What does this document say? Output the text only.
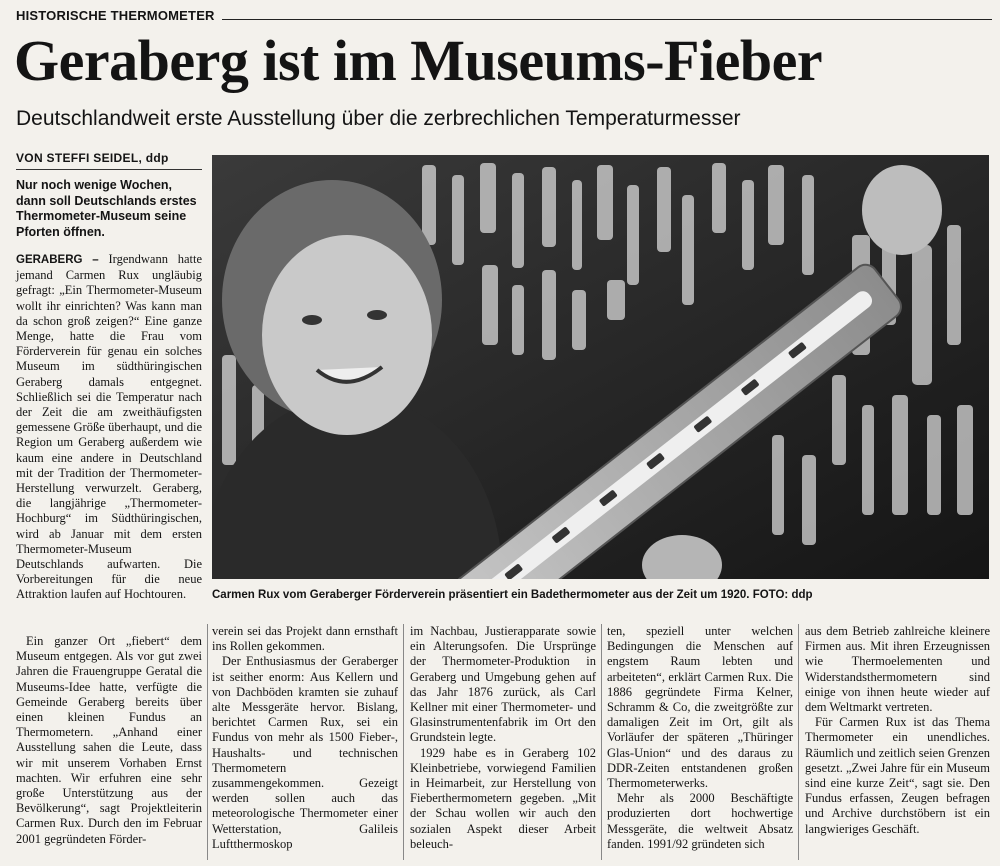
HISTORISCHE THERMOMETER
Geraberg ist im Museums-Fieber
Deutschlandweit erste Ausstellung über die zerbrechlichen Temperaturmesser
VON STEFFI SEIDEL, ddp
Nur noch wenige Wochen, dann soll Deutschlands erstes Thermometer-Museum seine Pforten öffnen.

GERABERG – Irgendwann hatte jemand Carmen Rux ungläubig gefragt: „Ein Thermometer-Museum wollt ihr einrichten? Was kann man da schon groß zeigen?“ Eine ganze Menge, hatte die Frau vom Förderverein für genau ein solches Museum im südthüringischen Geraberg damals entgegnet. Schließlich sei die Temperatur nach der Zeit die am zweithäufigsten gemessene Größe überhaupt, und die Region um Geraberg außerdem wie kaum eine andere in Deutschland mit der Tradition der Thermometer-Herstellung verwurzelt. Geraberg, die langjährige „Thermometer-Hochburg“ im Südthüringischen, wird ab Januar mit dem ersten Thermometer-Museum Deutschlands aufwarten. Die Vorbereitungen für die neue Attraktion laufen auf Hochtouren.	Carmen Rux vom Geraberger Förderverein präsentiert ein Badethermometer aus der Zeit um 1920. FOTO: ddp

Ein ganzer Ort „fiebert“ dem Museum entgegen. Als vor gut zwei Jahren die Frauengruppe Geratal die Museums-Idee hatte, verfügte die Gemeinde Geraberg bereits über einen kleinen Fundus an Thermometern. „Anhand einer Ausstellung sahen die Leute, dass wir mit unserem Vorhaben Ernst machten. Wir erfuhren eine sehr große Unterstützung aus der Bevölkerung“, sagt Projektleiterin Carmen Rux. Durch den im Februar 2001 gegründeten Förder-

verein sei das Projekt dann ernsthaft ins Rollen gekommen.

Der Enthusiasmus der Geraberger ist seither enorm: Aus Kellern und von Dachböden kramten sie zuhauf alte Messgeräte hervor. Bislang, berichtet Carmen Rux, sei ein Fundus von mehr als 1500 Fieber-, Haushalts- und technischen Thermometern zusammengekommen. Gezeigt werden sollen auch das meteorologische Thermometer einer Wetterstation, Galileis Luftthermoskop

im Nachbau, Justierapparate sowie ein Alterungsofen. Die Ursprünge der Thermometer-Produktion in Geraberg und Umgebung gehen auf das Jahr 1876 zurück, als Carl Kellner mit einer Thermometer- und Glasinstrumentenfabrik im Ort den Grundstein legte.

1929 habe es in Geraberg 102 Kleinbetriebe, vorwiegend Familien in Heimarbeit, zur Herstellung von Fieberthermometern gegeben. „Mit der Schau wollen wir auch den sozialen Aspekt dieser Arbeit beleuch-

ten, speziell unter welchen Bedingungen die Menschen auf engstem Raum lebten und arbeiteten“, erklärt Carmen Rux. Die 1886 gegründete Firma Kelner, Schramm & Co, die zweitgrößte zur damaligen Zeit im Ort, gilt als Vorläufer der späteren „Thüringer Glas-Union“ und des daraus zu DDR-Zeiten entstandenen großen Thermometerwerks.

Mehr als 2000 Beschäftigte produzierten dort hochwertige Messgeräte, die weltweit Absatz fanden. 1991/92 gründeten sich

aus dem Betrieb zahlreiche kleinere Firmen aus. Mit ihren Erzeugnissen wie Thermoelementen und Widerstandsthermometern sind einige von ihnen heute wieder auf dem Weltmarkt vertreten.

Für Carmen Rux ist das Thema Thermometer ein unendliches. Räumlich und zeitlich seien Grenzen gesetzt. „Zwei Jahre für ein Museum sind eine kurze Zeit“, sagt sie. Den Fundus erfassen, Zeugen befragen und Archive durchstöbern ist ein langwieriges Geschäft.
